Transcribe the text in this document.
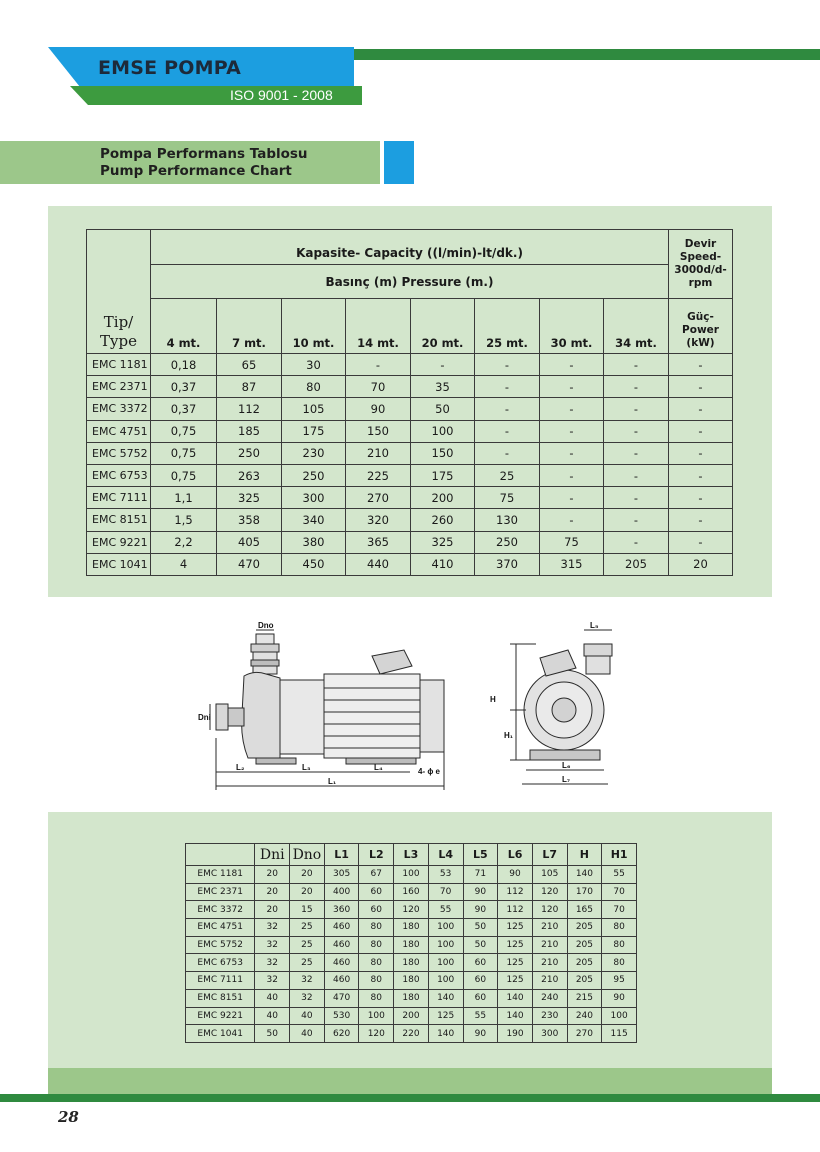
EMSE POMPA
ISO 9001 - 2008
Pompa Performans Tablosu
Pump Performance Chart
28
Tip/
Type	Kapasite- Capacity ((l/min)-lt/dk.)								Devir
Speed-
3000d/d-
rpm
	Basınç (m) Pressure (m.)								
	4 mt.	7 mt.	10 mt.	14 mt.	20 mt.	25 mt.	30 mt.	34 mt.	Güç-Power
(kW)
EMC 1181	0,18	65	30	-	-	-	-	-	-
EMC 2371	0,37	87	80	70	35	-	-	-	-
EMC 3372	0,37	112	105	90	50	-	-	-	-
EMC 4751	0,75	185	175	150	100	-	-	-	-
EMC 5752	0,75	250	230	210	150	-	-	-	-
EMC 6753	0,75	263	250	225	175	25	-	-	-
EMC 7111	1,1	325	300	270	200	75	-	-	-
EMC 8151	1,5	358	340	320	260	130	-	-	-
EMC 9221	2,2	405	380	365	325	250	75	-	-
EMC 1041	4	470	450	440	410	370	315	205	20
Dno
Dni
L₂	L₃	L₄	4- ϕ e
L₁
H
H₁
L₅
L₆
L₇
	Dni	Dno	L1	L2	L3	L4	L5	L6	L7	H	H1
EMC 1181	20	20	305	67	100	53	71	90	105	140	55
EMC 2371	20	20	400	60	160	70	90	112	120	170	70
EMC 3372	20	15	360	60	120	55	90	112	120	165	70
EMC 4751	32	25	460	80	180	100	50	125	210	205	80
EMC 5752	32	25	460	80	180	100	50	125	210	205	80
EMC 6753	32	25	460	80	180	100	60	125	210	205	80
EMC 7111	32	32	460	80	180	100	60	125	210	205	95
EMC 8151	40	32	470	80	180	140	60	140	240	215	90
EMC 9221	40	40	530	100	200	125	55	140	230	240	100
EMC 1041	50	40	620	120	220	140	90	190	300	270	115
